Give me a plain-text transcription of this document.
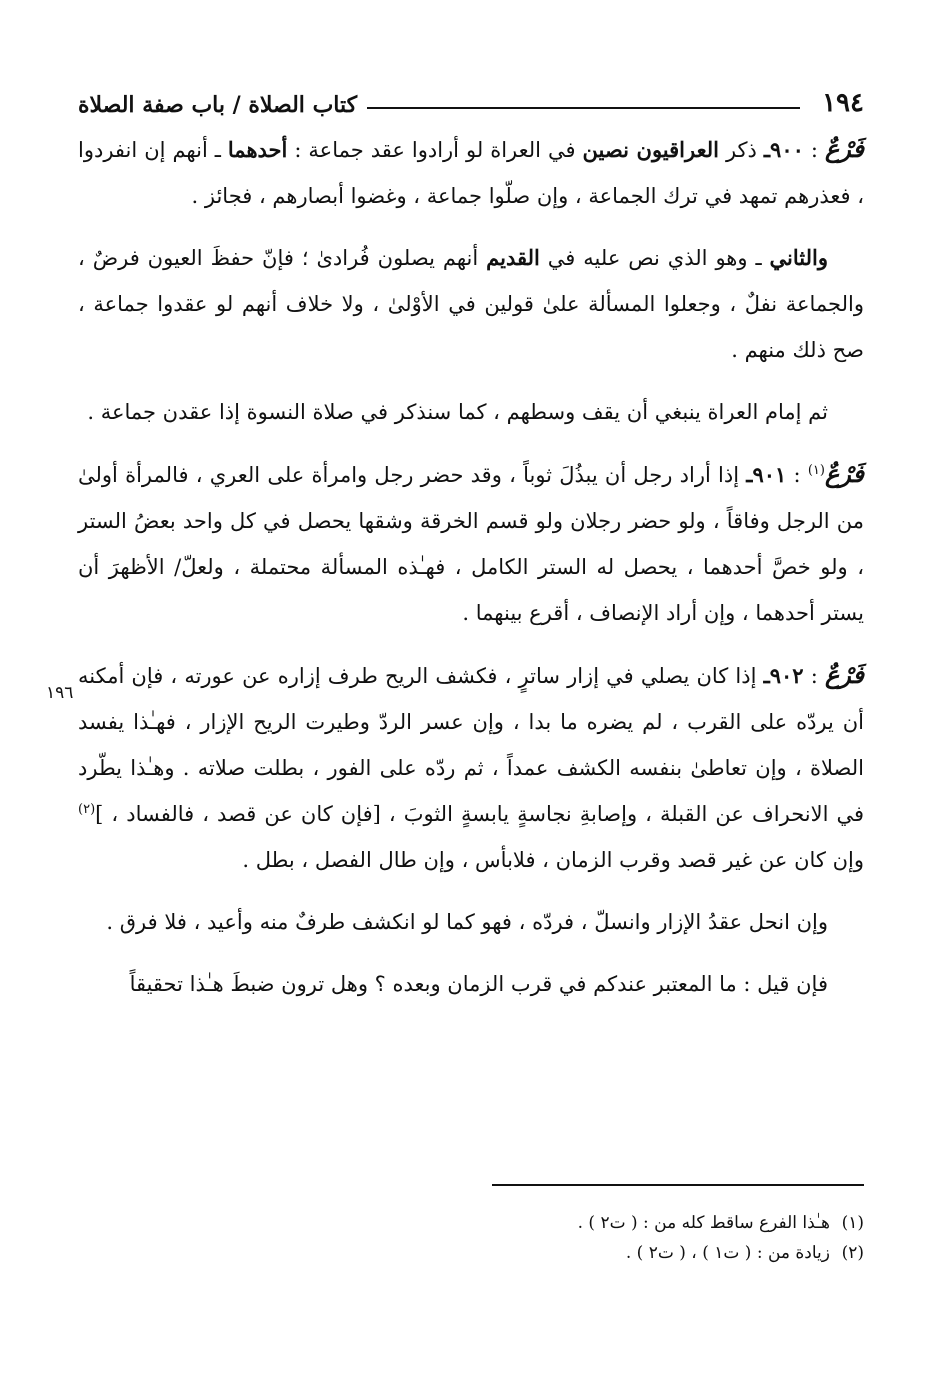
١٩٤
كتاب الصلاة / باب صفة الصلاة

فَرْعٌ : ٩٠٠ـ ذكر العراقيون نصين في العراة لو أرادوا عقد جماعة : أحدهما ـ أنهم إن انفردوا ، فعذرهم تمهد في ترك الجماعة ، وإن صلّوا جماعة ، وغضوا أبصارهم ، فجائز .

والثاني ـ وهو الذي نص عليه في القديم أنهم يصلون فُرادىٰ ؛ فإنّ حفظَ العيون فرضٌ ، والجماعة نفلٌ ، وجعلوا المسألة علىٰ قولين في الأوْلىٰ ، ولا خلاف أنهم لو عقدوا جماعة ، صح ذلك منهم .

ثم إمام العراة ينبغي أن يقف وسطهم ، كما سنذكر في صلاة النسوة إذا عقدن جماعة .

فَرْعٌ$^{(١)}$ : ٩٠١ـ إذا أراد رجل أن يبذُلَ ثوباً ، وقد حضر رجل وامرأة على العري ، فالمرأة أولىٰ من الرجل وفاقاً ، ولو حضر رجلان ولو قسم الخرقة وشقها يحصل في كل واحد بعضُ الستر ، ولو خصَّ أحدهما ، يحصل له الستر الكامل ، فهـٰذه المسألة محتملة ، ولعلّ/ الأظهرَ أن يستر أحدهما ، وإن أراد الإنصاف ، أقرع بينهما .

فَرْعٌ : ٩٠٢ـ إذا كان يصلي في إزار ساترٍ ، فكشف الريح طرف إزاره عن عورته ، فإن أمكنه أن يردّه على القرب ، لم يضره ما بدا ، وإن عسر الردّ وطيرت الريح الإزار ، فهـٰذا يفسد الصلاة ، وإن تعاطىٰ بنفسه الكشف عمداً ، ثم ردّه على الفور ، بطلت صلاته . وهـٰذا يطّرد في الانحراف عن القبلة ، وإصابةِ نجاسةٍ يابسةٍ الثوبَ ، [فإن كان عن قصد ، فالفساد ، ]$^{(٢)}$ وإن كان عن غير قصد وقرب الزمان ، فلابأس ، وإن طال الفصل ، بطل .

وإن انحل عقدُ الإزار وانسلّ ، فردّه ، فهو كما لو انكشف طرفٌ منه وأعيد ، فلا فرق .

فإن قيل : ما المعتبر عندكم في قرب الزمان وبعده ؟ وهل ترون ضبطَ هـٰذا تحقيقاً

١٩٦

(١)هـٰذا الفرع ساقط كله من : ( ت٢ ) .

(٢)زيادة من : ( ت١ ) ، ( ت٢ ) .
